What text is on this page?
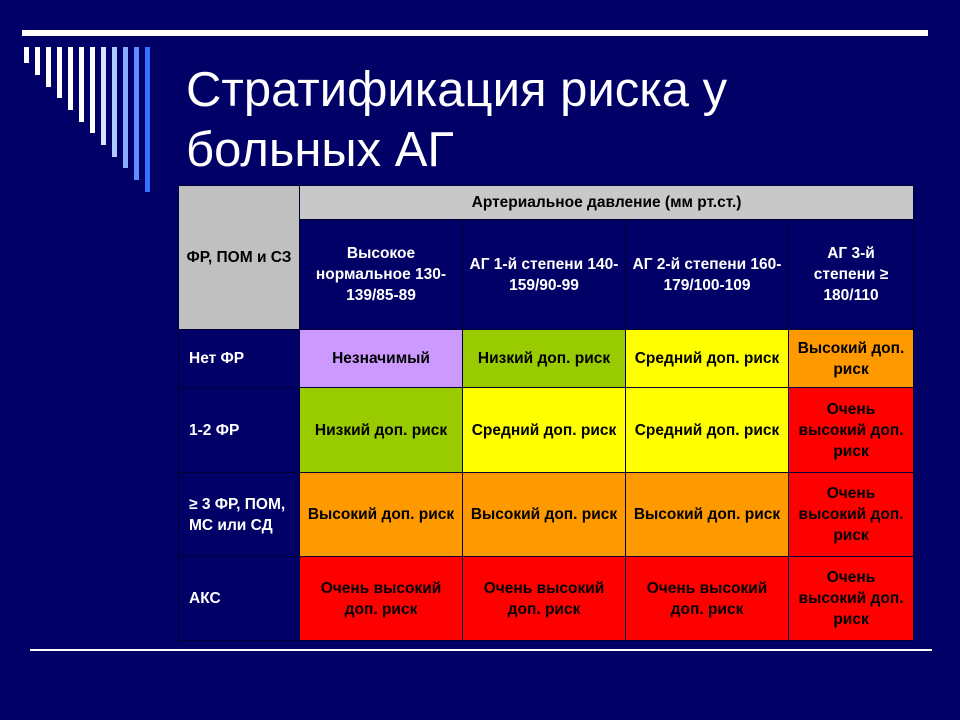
Стратификация риска у больных АГ
ФР, ПОМ и СЗ	Артериальное давление (мм рт.ст.)			
	Высокое нормальное 130-139/85-89	АГ 1-й степени 140-159/90-99	АГ 2-й степени 160-179/100-109	АГ 3-й степени ≥ 180/110
Нет ФР	Незначимый	Низкий доп. риск	Средний доп. риск	Высокий доп. риск
1-2 ФР	Низкий доп. риск	Средний доп. риск	Средний доп. риск	Очень высокий доп. риск
≥ 3 ФР, ПОМ, МС или СД	Высокий доп. риск	Высокий доп. риск	Высокий доп. риск	Очень высокий доп. риск
АКС	Очень высокий доп. риск	Очень высокий доп. риск	Очень высокий доп. риск	Очень высокий доп. риск
